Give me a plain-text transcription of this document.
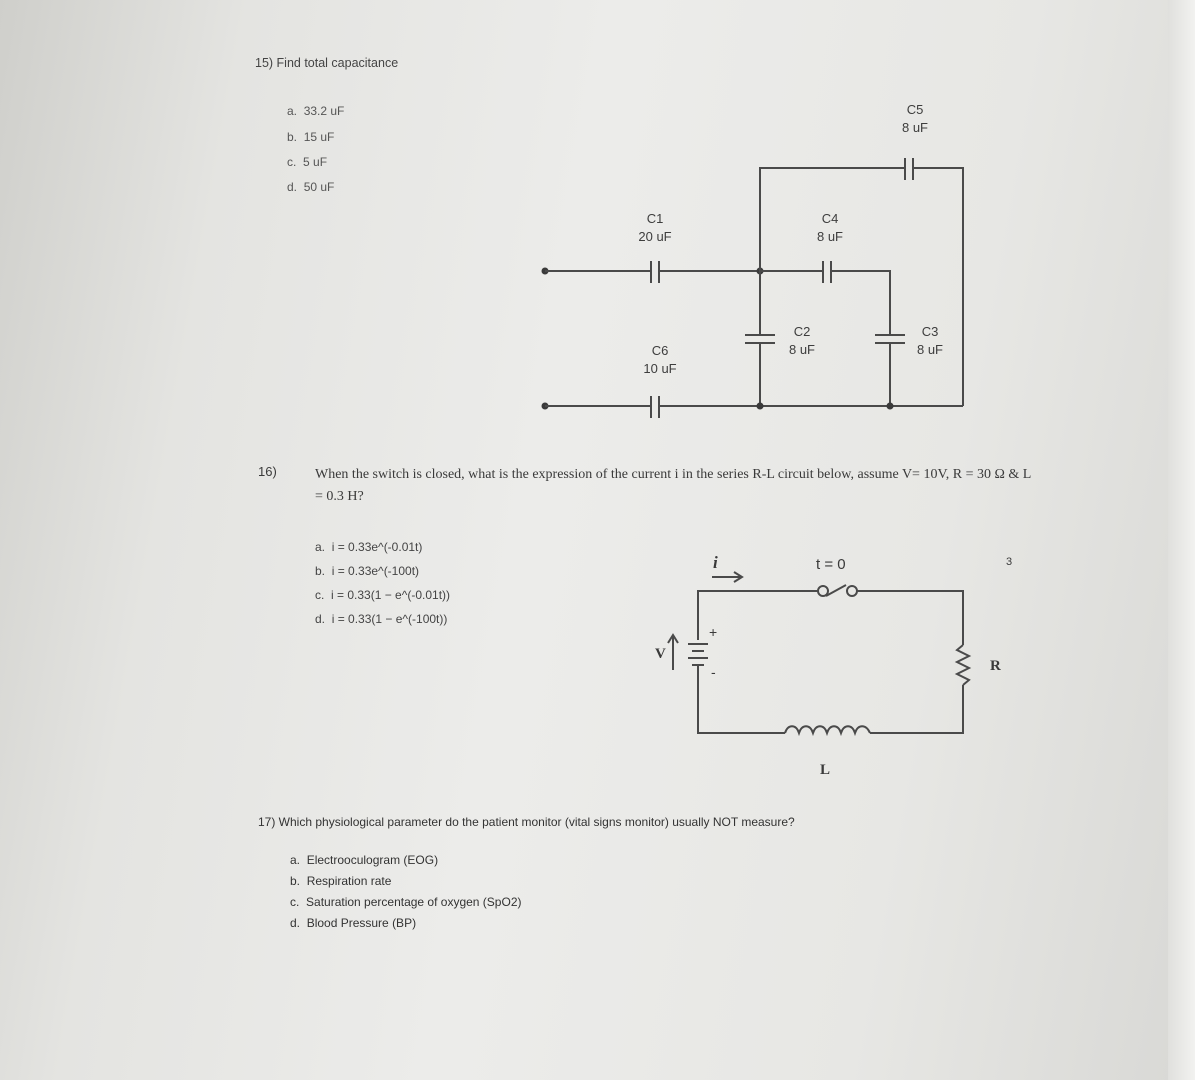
15) Find total capacitance
a. 33.2 uF
b. 15 uF
c. 5 uF
d. 50 uF
C1
20 uF
C4
8 uF
C5
8 uF
C2
8 uF
C3
8 uF
C6
10 uF
16)	When the switch is closed, what is the expression of the current i in the series R-L circuit below, assume V= 10V, R = 30 Ω & L = 0.3 H?
a. i = 0.33e^(-0.01t)
b. i = 0.33e^(-100t)
c. i = 0.33(1 − e^(-0.01t))
d. i = 0.33(1 − e^(-100t))
i	t = 0
V
+
-	R
L
3
17) Which physiological parameter do the patient monitor (vital signs monitor) usually NOT measure?
a. Electrooculogram (EOG)
b. Respiration rate
c. Saturation percentage of oxygen (SpO2)
d. Blood Pressure (BP)
